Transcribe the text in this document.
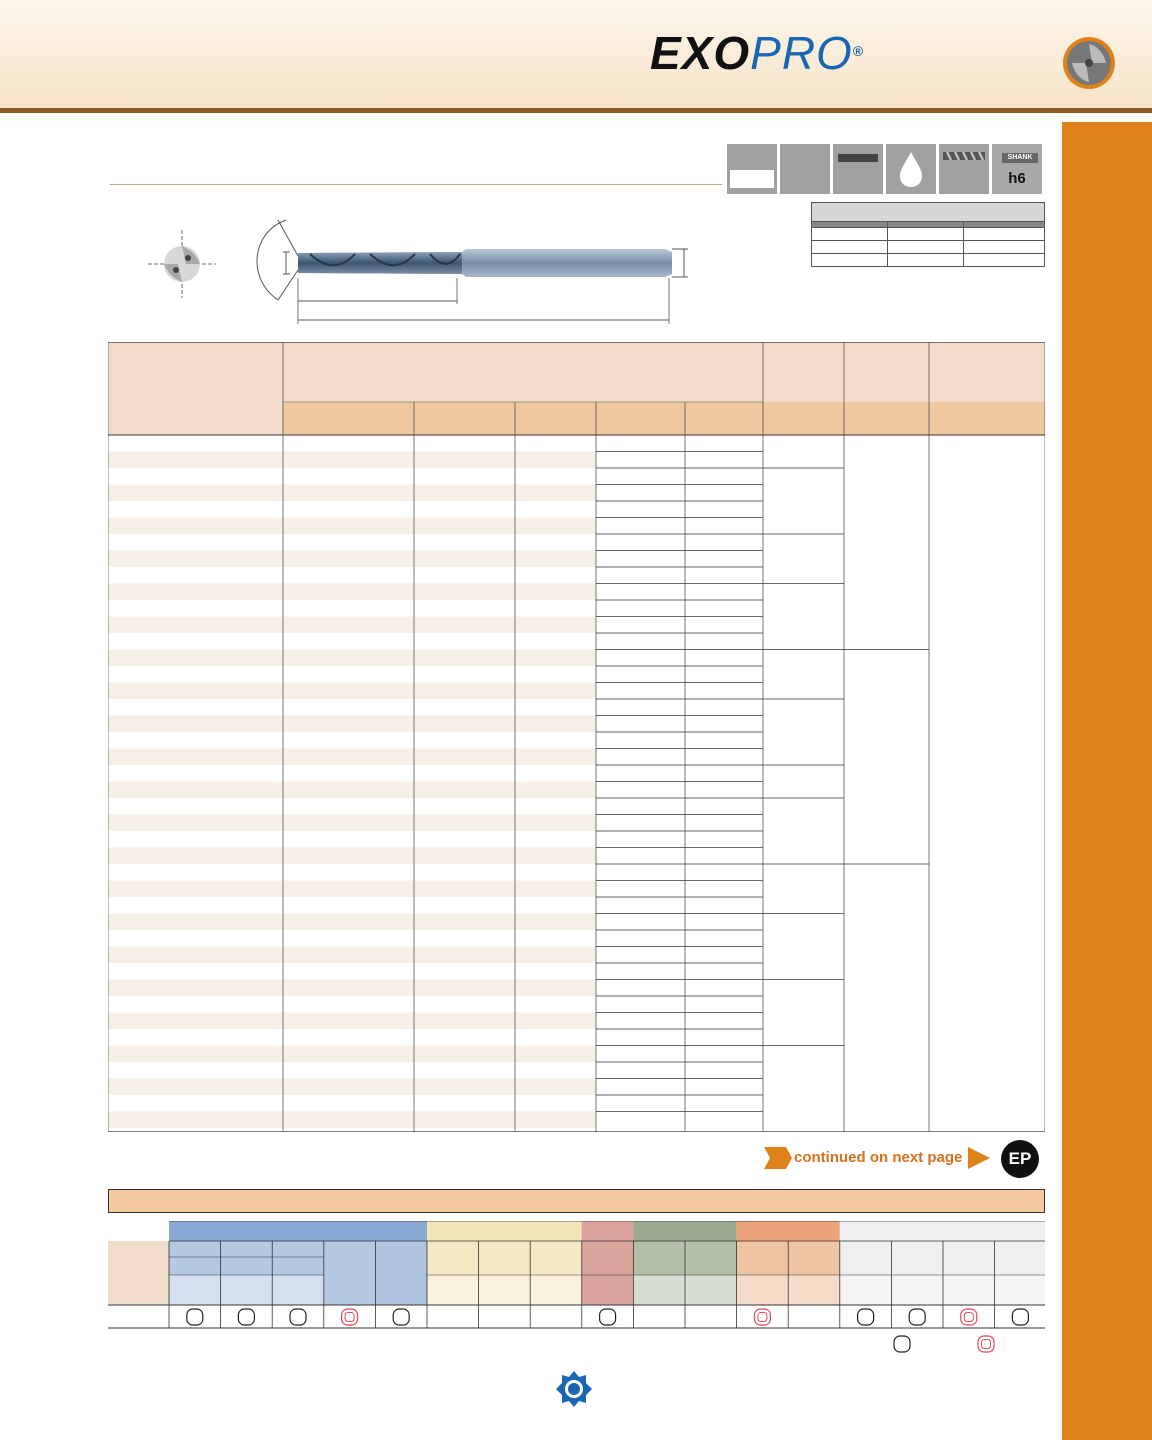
EXOPRO®
SHANK
h6

continued on next page	EP
